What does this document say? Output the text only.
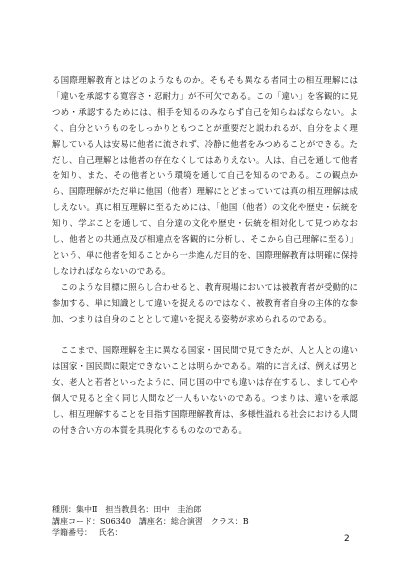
る国際理解教育とはどのようなものか。そもそも異なる者同士の相互理解には「違いを承認する寛容さ・忍耐力」が不可欠である。この「違い」を客観的に見つめ・承認するためには、相手を知るのみならず自己を知らねばならない。よく、自分というものをしっかりともつことが重要だと説われるが、自分をよく理解している人は安易に他者に流されず、冷静に他者をみつめることができる。ただし、自己理解とは他者の存在なくしてはありえない。人は、自己を通して他者を知り、また、その他者という環境を通して自己を知るのである。この観点から、国際理解がただ単に他国（他者）理解にとどまっていては真の相互理解は成しえない。真に相互理解に至るためには、「他国（他者）の文化や歴史・伝統を知り、学ぶことを通して、自分達の文化や歴史・伝統を相対化して見つめなおし、他者との共通点及び相違点を客観的に分析し、そこから自己理解に至る）」という、単に他者を知ることから一歩進んだ目的を、国際理解教育は明確に保持しなければならないのである。

このような目標に照らし合わせると、教育現場においては被教育者が受動的に参加する、単に知識として違いを捉えるのではなく、被教育者自身の主体的な参加、つまりは自身のこととして違いを捉える姿勢が求められるのである。

ここまで、国際理解を主に異なる国家・国民間で見てきたが、人と人との違いは国家・国民間に限定できないことは明らかである。端的に言えば、例えば男と女、老人と若者といったように、同じ国の中でも違いは存在するし、まして心や個人で見ると全く同じ人間など一人もいないのである。つまりは、違いを承認し、相互理解することを目指す国際理解教育は、多様性溢れる社会における人間の付き合い方の本質を具現化するものなのである。

種別：集中Ⅱ　担当教員名：田中　圭治郎
講座コード：S06340　講座名：総合演習　クラス：B
学籍番号：　 氏名：
2
